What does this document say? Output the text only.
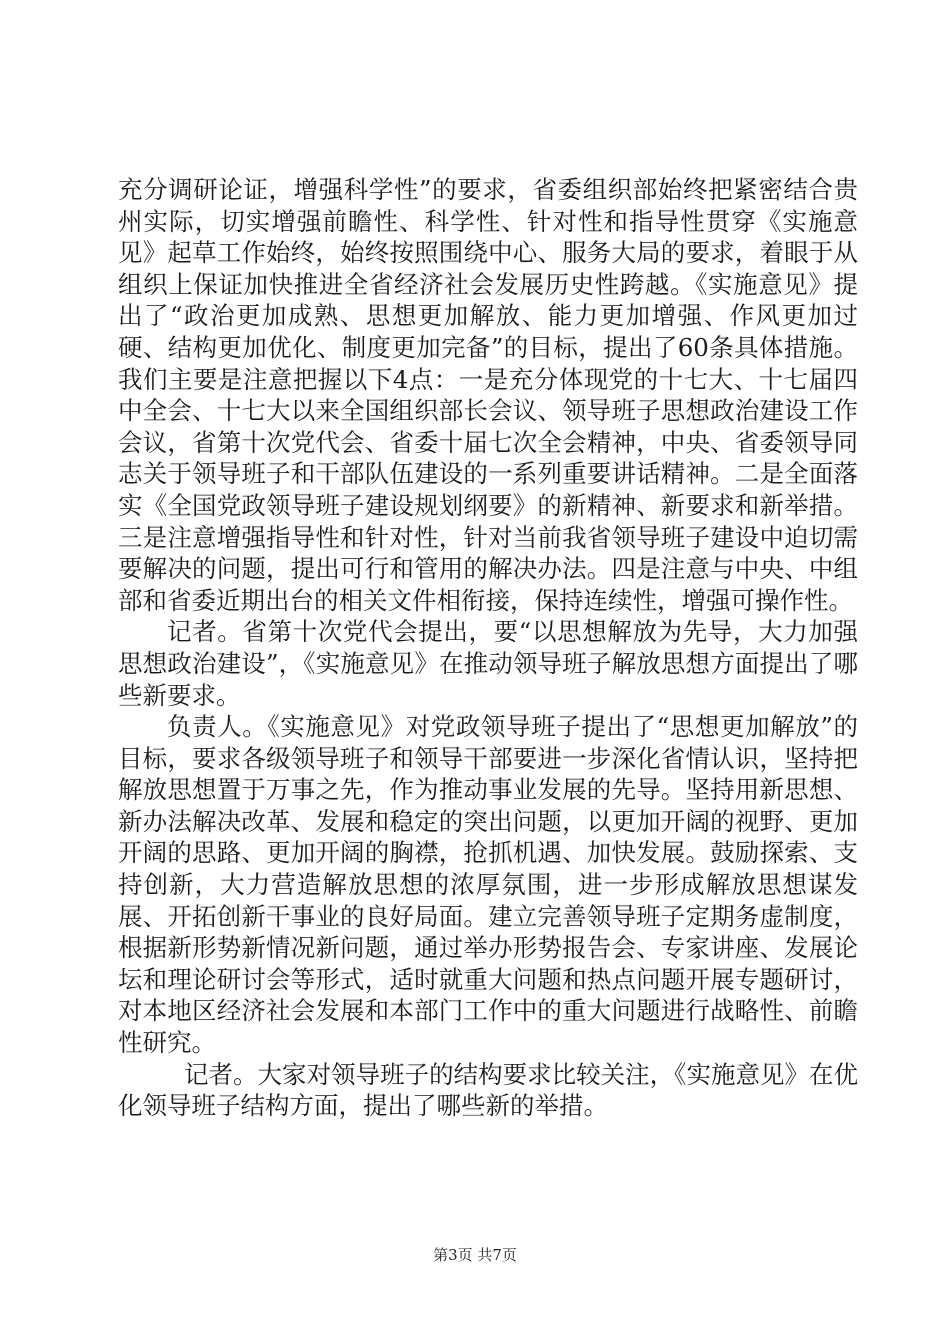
充分调研论证，增强科学性”的要求，省委组织部始终把紧密结合贵州实际，切实增强前瞻性、科学性、针对性和指导性贯穿《实施意见》起草工作始终，始终按照围绕中心、服务大局的要求，着眼于从组织上保证加快推进全省经济社会发展历史性跨越。《实施意见》提出了“政治更加成熟、思想更加解放、能力更加增强、作风更加过硬、结构更加优化、制度更加完备”的目标，提出了60条具体措施。我们主要是注意把握以下4点：一是充分体现党的十七大、十七届四中全会、十七大以来全国组织部长会议、领导班子思想政治建设工作会议，省第十次党代会、省委十届七次全会精神，中央、省委领导同志关于领导班子和干部队伍建设的一系列重要讲话精神。二是全面落实《全国党政领导班子建设规划纲要》的新精神、新要求和新举措。三是注意增强指导性和针对性，针对当前我省领导班子建设中迫切需要解决的问题，提出可行和管用的解决办法。四是注意与中央、中组部和省委近期出台的相关文件相衔接，保持连续性，增强可操作性。

记者。省第十次党代会提出，要“以思想解放为先导，大力加强思想政治建设”，《实施意见》在推动领导班子解放思想方面提出了哪些新要求。

负责人。《实施意见》对党政领导班子提出了“思想更加解放”的目标，要求各级领导班子和领导干部要进一步深化省情认识，坚持把解放思想置于万事之先，作为推动事业发展的先导。坚持用新思想、新办法解决改革、发展和稳定的突出问题，以更加开阔的视野、更加开阔的思路、更加开阔的胸襟，抢抓机遇、加快发展。鼓励探索、支持创新，大力营造解放思想的浓厚氛围，进一步形成解放思想谋发展、开拓创新干事业的良好局面。建立完善领导班子定期务虚制度，根据新形势新情况新问题，通过举办形势报告会、专家讲座、发展论坛和理论研讨会等形式，适时就重大问题和热点问题开展专题研讨，对本地区经济社会发展和本部门工作中的重大问题进行战略性、前瞻性研究。

记者。大家对领导班子的结构要求比较关注，《实施意见》在优化领导班子结构方面，提出了哪些新的举措。

第3页 共7页
